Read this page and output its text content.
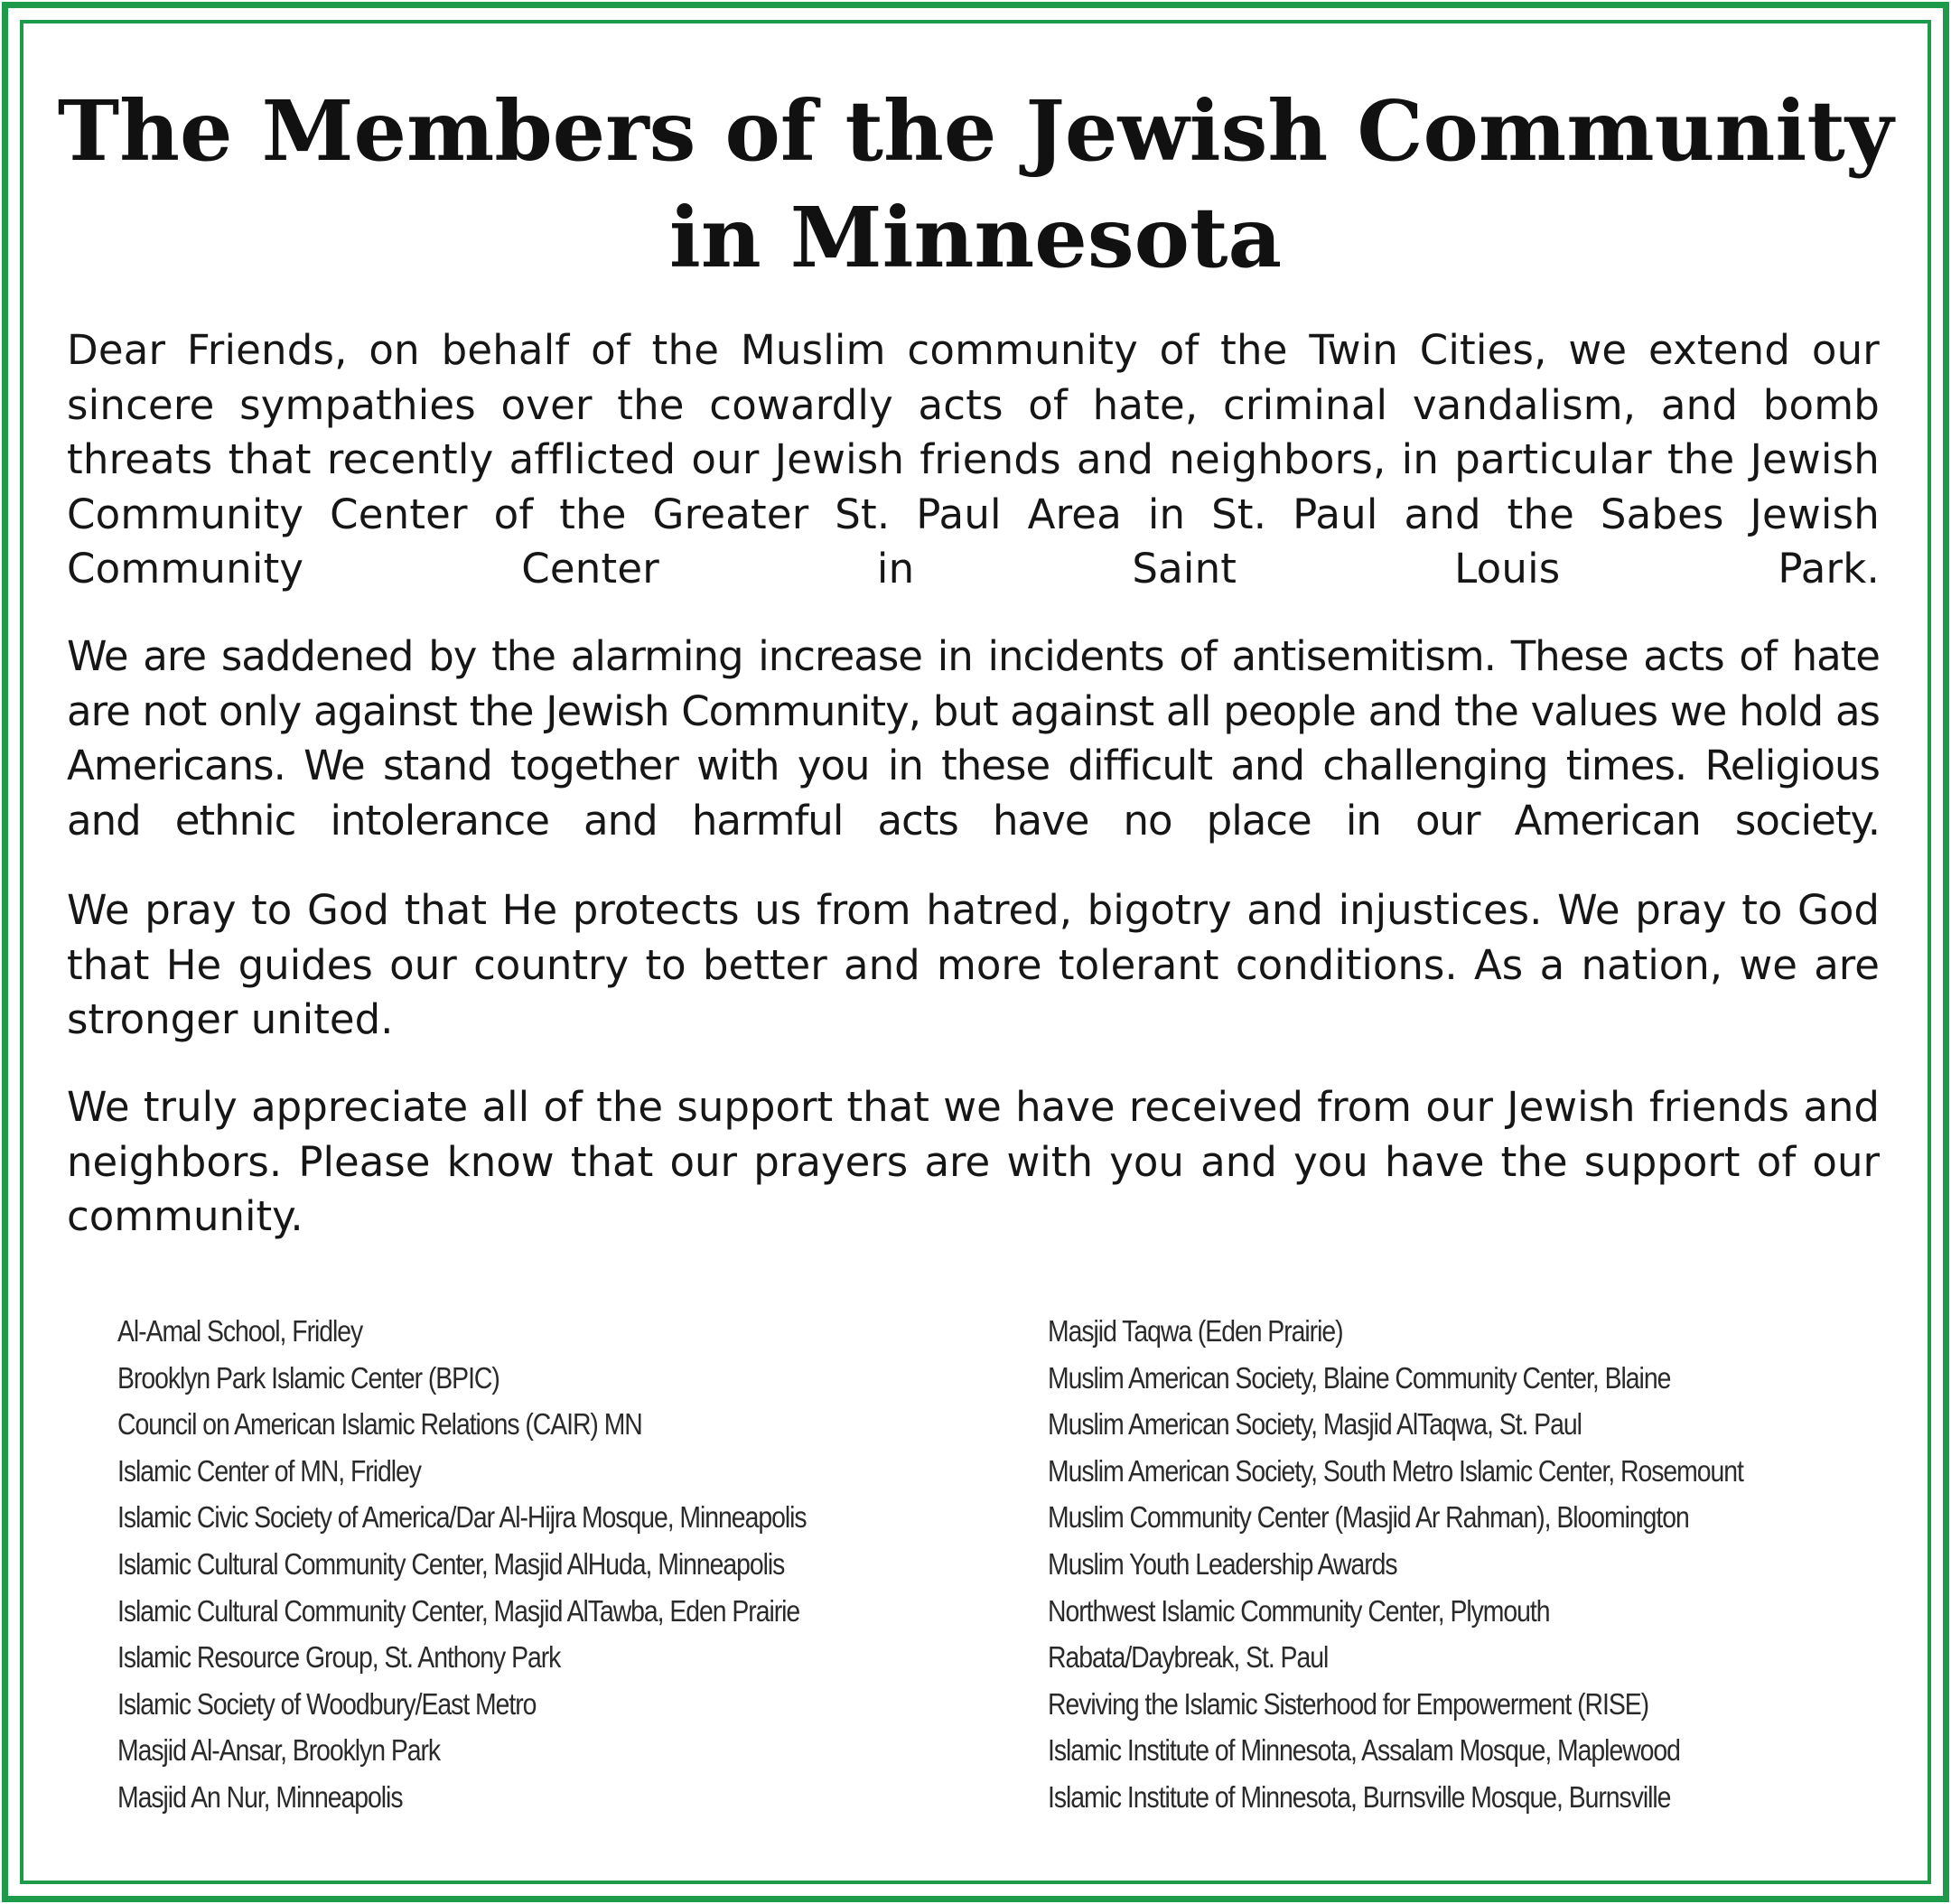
The Members of the Jewish Community
in Minnesota

Dear Friends, on behalf of the Muslim community of the Twin Cities, we extend our sincere sympathies over the cowardly acts of hate, criminal vandalism, and bomb threats that recently afflicted our Jewish friends and neighbors, in particular the Jewish Community Center of the Greater St. Paul Area in St. Paul and the Sabes Jewish Community Center in Saint Louis Park.

We are saddened by the alarming increase in incidents of antisemitism. These acts of hate are not only against the Jewish Community, but against all people and the values we hold as Americans. We stand together with you in these difficult and challenging times. Religious and ethnic intolerance and harmful acts have no place in our American society.

We pray to God that He protects us from hatred, bigotry and injustices. We pray to God that He guides our country to better and more tolerant conditions. As a nation, we are stronger united.

We truly appreciate all of the support that we have received from our Jewish friends and neighbors. Please know that our prayers are with you and you have the support of our community.

Al-Amal School, Fridley
Brooklyn Park Islamic Center (BPIC)
Council on American Islamic Relations (CAIR) MN
Islamic Center of MN, Fridley
Islamic Civic Society of America/Dar Al-Hijra Mosque, Minneapolis
Islamic Cultural Community Center, Masjid AlHuda, Minneapolis
Islamic Cultural Community Center, Masjid AlTawba, Eden Prairie
Islamic Resource Group, St. Anthony Park
Islamic Society of Woodbury/East Metro
Masjid Al-Ansar, Brooklyn Park
Masjid An Nur, Minneapolis
Masjid Taqwa (Eden Prairie)
Muslim American Society, Blaine Community Center, Blaine
Muslim American Society, Masjid AlTaqwa, St. Paul
Muslim American Society, South Metro Islamic Center, Rosemount
Muslim Community Center (Masjid Ar Rahman), Bloomington
Muslim Youth Leadership Awards
Northwest Islamic Community Center, Plymouth
Rabata/Daybreak, St. Paul
Reviving the Islamic Sisterhood for Empowerment (RISE)
Islamic Institute of Minnesota, Assalam Mosque, Maplewood
Islamic Institute of Minnesota, Burnsville Mosque, Burnsville
